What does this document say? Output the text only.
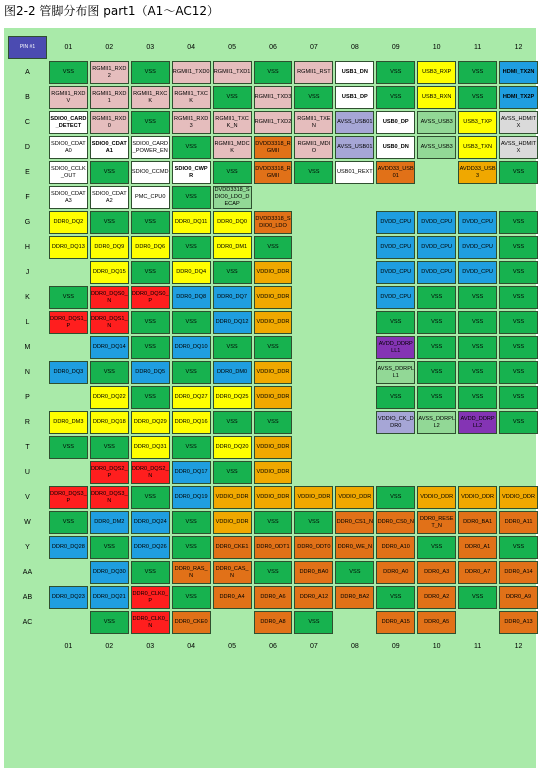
图2-2 管脚分布图 part1（A1～AC12）
PIN #1	01	02	03	04	05	06	07	08	09	10	11	12
A	VSS	RGMII1_RXD2	VSS	RGMII1_TXD0	RGMII1_TXD1	VSS	RGMII1_RST	USB1_DN	VSS	USB3_RXP	VSS	HDMI_TX2N
B	RGMII1_RXDV	RGMII1_RXD1	RGMII1_RXCK	RGMII1_TXCK	VSS	RGMII1_TXD3	VSS	USB1_DP	VSS	USB3_RXN	VSS	HDMI_TX2P
C	SDIO0_CARD_DETECT	RGMII1_RXD0	VSS	RGMII1_RXD3	RGMII1_TXCK_N	RGMII1_TXD2	RGMII1_TXEN	AVSS_USB01	USB0_DP	AVSS_USB3	USB3_TXP	AVSS_HDMITX
D	SDIO0_CDATA0	SDIO0_CDATA1	SDIO0_CARD_POWER_EN	VSS	RGMII1_MDCK	DVDD3318_RGMII	RGMII1_MDIO	AVSS_USB01	USB0_DN	AVSS_USB3	USB3_TXN	AVSS_HDMITX
E	SDIO0_CCLK_OUT	VSS	SDIO0_CCMD	SDIO0_CWPR	VSS	DVDD3318_RGMII	VSS	USB01_REXT	AVDD33_USB01		AVDD33_USB3	VSS
F	SDIO0_CDATA3	SDIO0_CDATA2	PMC_CPU0	VSS	DVDD3318_SDIO0_LDO_DECAP							
G	DDR0_DQ2	VSS	VSS	DDR0_DQ11	DDR0_DQ0	DVDD3318_SDIO0_LDO			DVDD_CPU	DVDD_CPU	DVDD_CPU	VSS
H	DDR0_DQ13	DDR0_DQ9	DDR0_DQ6	VSS	DDR0_DM1	VSS			DVDD_CPU	DVDD_CPU	DVDD_CPU	VSS
J		DDR0_DQ15	VSS	DDR0_DQ4	VSS	VDDIO_DDR			DVDD_CPU	DVDD_CPU	DVDD_CPU	VSS
K	VSS	DDR0_DQS0_N	DDR0_DQS0_P	DDR0_DQ8	DDR0_DQ7	VDDIO_DDR			DVDD_CPU	VSS	VSS	VSS
L	DDR0_DQS1_P	DDR0_DQS1_N	VSS	VSS	DDR0_DQ12	VDDIO_DDR			VSS	VSS	VSS	VSS
M		DDR0_DQ14	VSS	DDR0_DQ10	VSS	VSS			AVDD_DDRPLL1	VSS	VSS	VSS
N	DDR0_DQ3	VSS	DDR0_DQ5	VSS	DDR0_DM0	VDDIO_DDR			AVSS_DDRPLL1	VSS	VSS	VSS
P		DDR0_DQ22	VSS	DDR0_DQ27	DDR0_DQ25	VDDIO_DDR			VSS	VSS	VSS	VSS
R	DDR0_DM3	DDR0_DQ18	DDR0_DQ29	DDR0_DQ16	VSS	VSS			VDDIO_CK_DDR0	AVSS_DDRPLL2	AVDD_DDRPLL2	VSS
T	VSS	VSS	DDR0_DQ31	VSS	DDR0_DQ20	VDDIO_DDR						
U		DDR0_DQS2_P	DDR0_DQS2_N	DDR0_DQ17	VSS	VDDIO_DDR						
V	DDR0_DQS3_P	DDR0_DQS3_N	VSS	DDR0_DQ19	VDDIO_DDR	VDDIO_DDR	VDDIO_DDR	VDDIO_DDR	VSS	VDDIO_DDR	VDDIO_DDR	VDDIO_DDR
W	VSS	DDR0_DM2	DDR0_DQ24	VSS	VDDIO_DDR	VSS	VSS	DDR0_CS1_N	DDR0_CS0_N	DDR0_RESET_N	DDR0_BA1	DDR0_A11
Y	DDR0_DQ28	VSS	DDR0_DQ26	VSS	DDR0_CKE1	DDR0_ODT1	DDR0_ODT0	DDR0_WE_N	DDR0_A10	VSS	DDR0_A1	VSS
AA		DDR0_DQ30	VSS	DDR0_RAS_N	DDR0_CAS_N	VSS	DDR0_BA0	VSS	DDR0_A0	DDR0_A3	DDR0_A7	DDR0_A14
AB	DDR0_DQ23	DDR0_DQ21	DDR0_CLK0_P	VSS	DDR0_A4	DDR0_A6	DDR0_A12	DDR0_BA2	VSS	DDR0_A2	VSS	DDR0_A9
AC		VSS	DDR0_CLK0_N	DDR0_CKE0		DDR0_A8	VSS		DDR0_A15	DDR0_A5		DDR0_A13
	01	02	03	04	05	06	07	08	09	10	11	12
